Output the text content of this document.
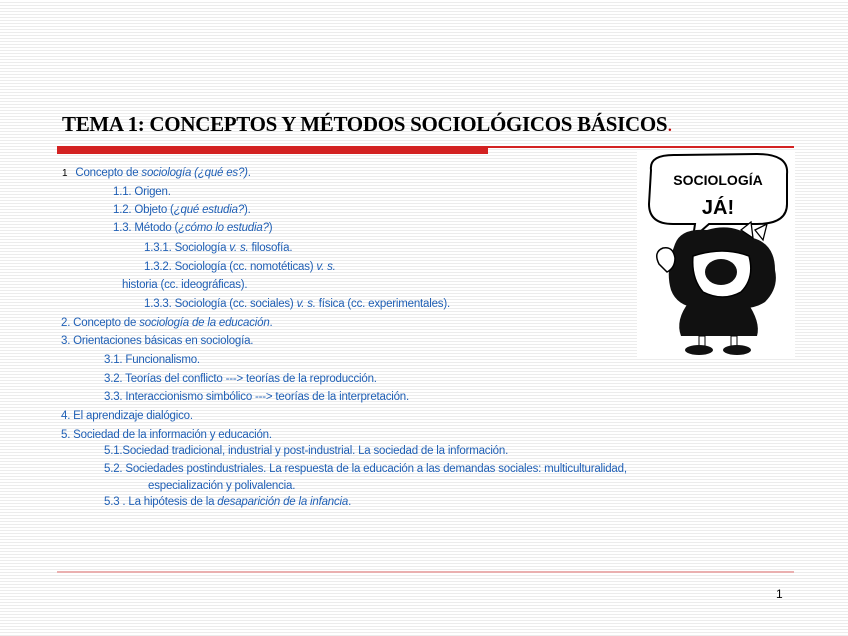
TEMA 1: CONCEPTOS Y MÉTODOS SOCIOLÓGICOS BÁSICOS.
1 Concepto de sociología (¿qué es?).
1.1. Origen.
1.2. Objeto (¿qué estudia?).
1.3. Método (¿cómo lo estudia?)
1.3.1. Sociología v. s. filosofía.
1.3.2. Sociología (cc. nomotéticas) v. s.
historia (cc. ideográficas).
1.3.3. Sociología (cc. sociales) v. s. física (cc. experimentales).
2. Concepto de sociología de la educación.
3. Orientaciones básicas en sociología.
3.1. Funcionalismo.
3.2. Teorías del conflicto ---> teorías de la reproducción.
3.3. Interaccionismo simbólico ---> teorías de la interpretación.
4. El aprendizaje dialógico.
5. Sociedad de la información y educación.
5.1.Sociedad tradicional, industrial y post-industrial. La sociedad de la información.
5.2. Sociedades postindustriales. La respuesta de la educación a las demandas sociales: multiculturalidad,
especialización y polivalencia.
5.3 . La hipótesis de la desaparición de la infancia.
SOCIOLOGÍA
JÁ!
1
